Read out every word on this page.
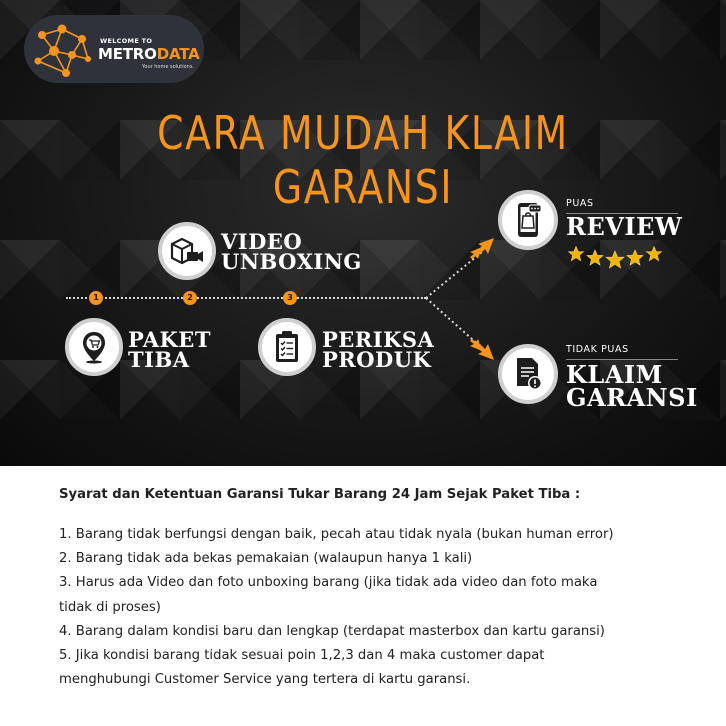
WELCOME TO
METRODATA
Your home solutions.
CARA MUDAH KLAIM GARANSI
1	2	3
PAKET
TIBA
VIDEO
UNBOXING
PERIKSA
PRODUK
PUAS
REVIEW
TIDAK PUAS
KLAIM
GARANSI
Syarat dan Ketentuan Garansi Tukar Barang 24 Jam Sejak Paket Tiba :
1. Barang tidak berfungsi dengan baik, pecah atau tidak nyala (bukan human error)
2. Barang tidak ada bekas pemakaian (walaupun hanya 1 kali)
3. Harus ada Video dan foto unboxing barang (jika tidak ada video dan foto maka
tidak di proses)
4. Barang dalam kondisi baru dan lengkap (terdapat masterbox dan kartu garansi)
5. Jika kondisi barang tidak sesuai poin 1,2,3 dan 4 maka customer dapat
menghubungi Customer Service yang tertera di kartu garansi.
